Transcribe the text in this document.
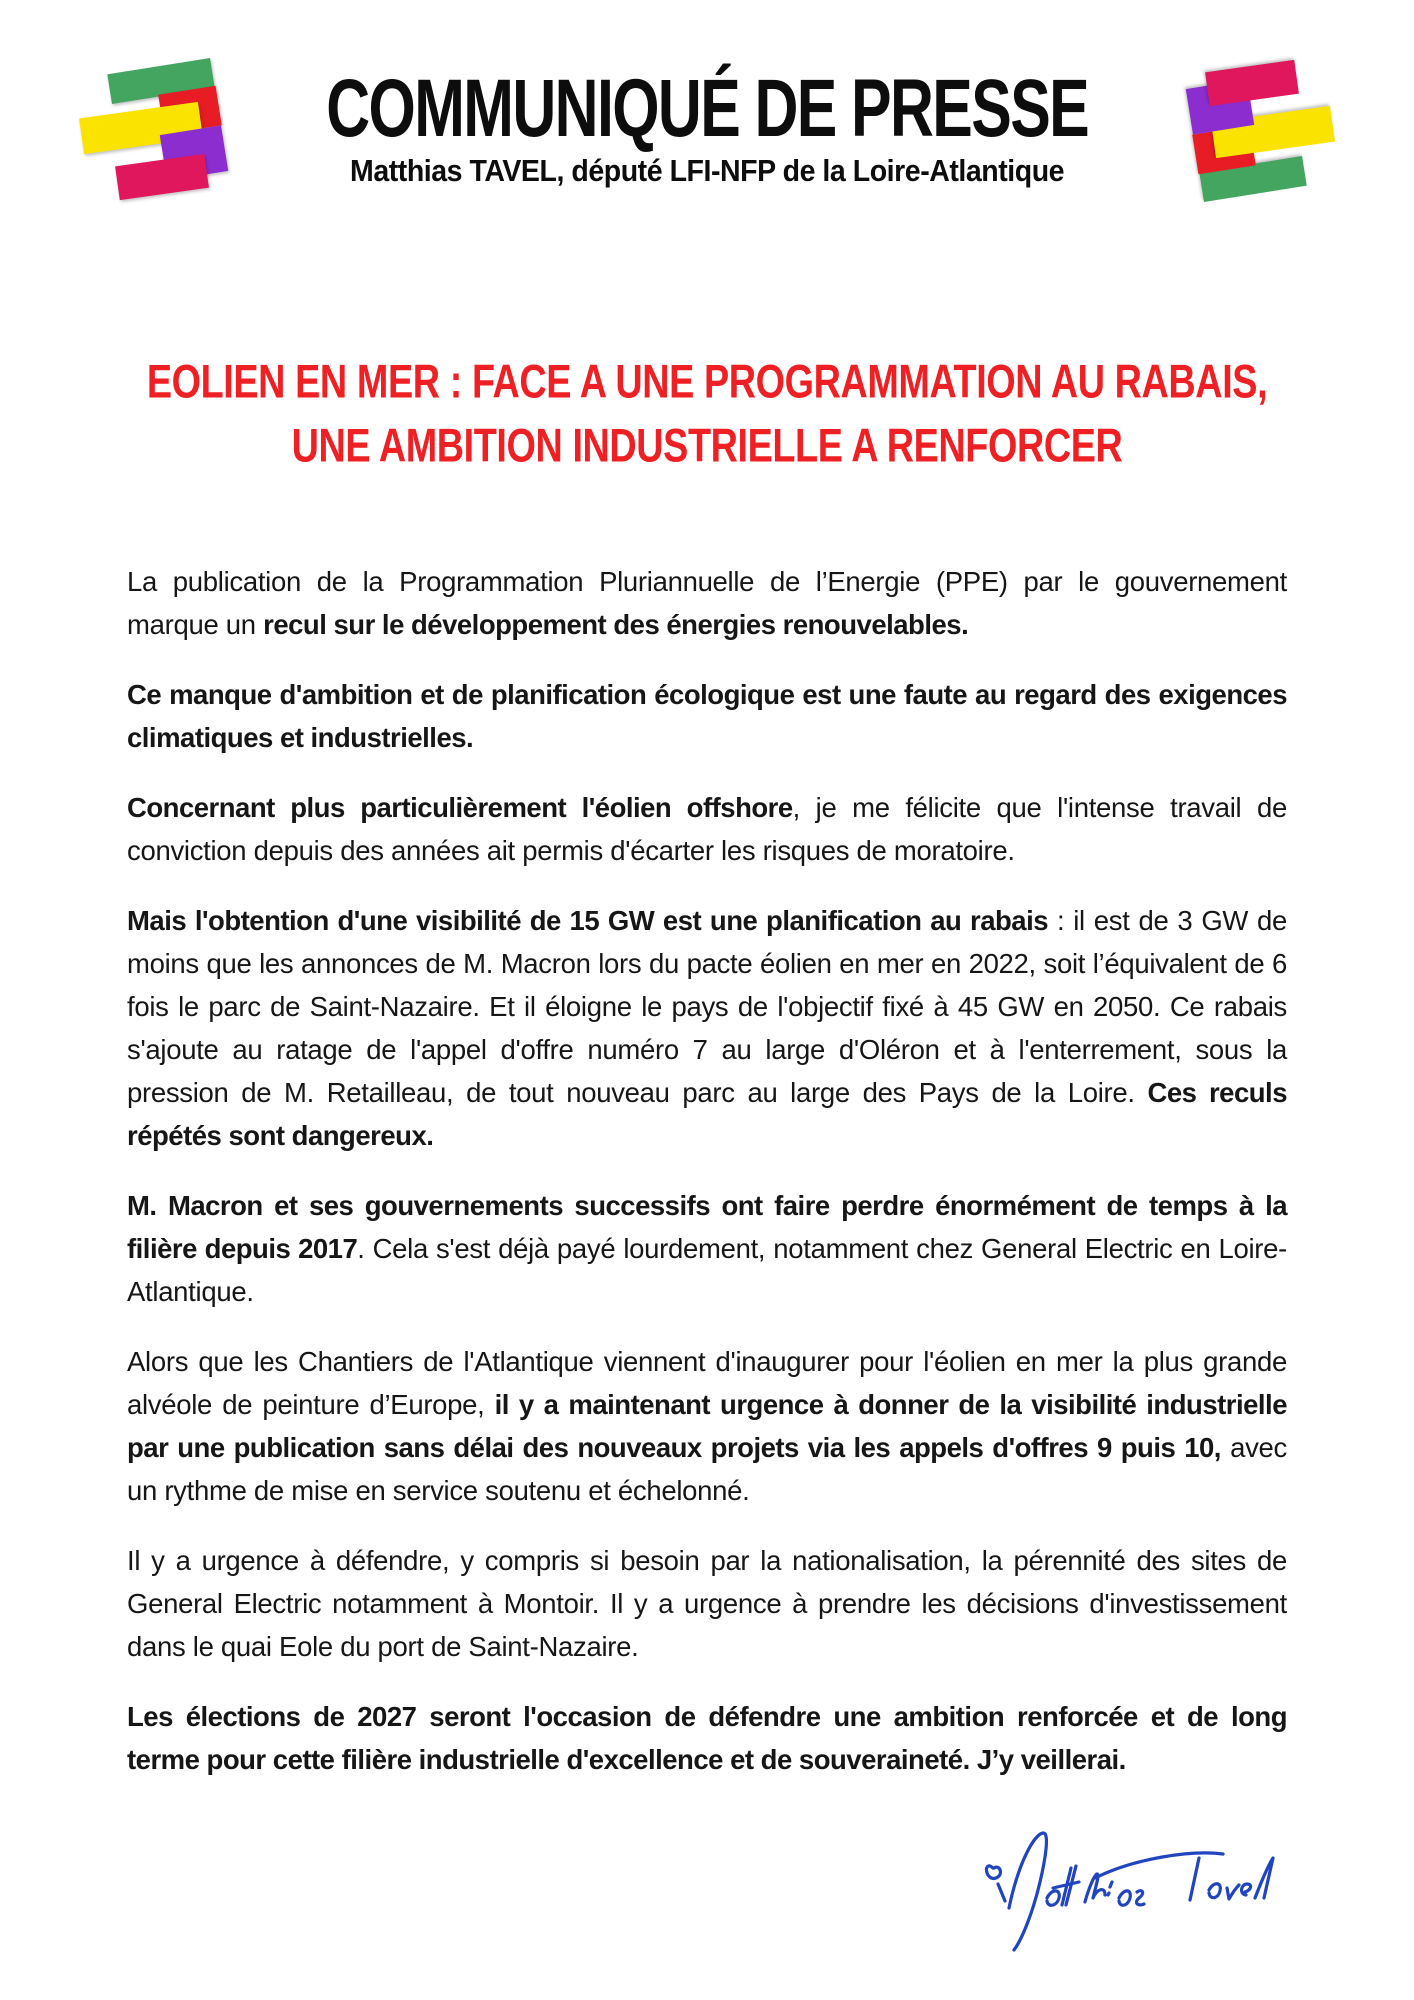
COMMUNIQUÉ DE PRESSE
Matthias TAVEL, député LFI-NFP de la Loire-Atlantique
EOLIEN EN MER : FACE A UNE PROGRAMMATION AU RABAIS,
UNE AMBITION INDUSTRIELLE A RENFORCER

La publication de la Programmation Pluriannuelle de l’Energie (PPE) par le gouvernement marque un recul sur le développement des énergies renouvelables.

Ce manque d'ambition et de planification écologique est une faute au regard des exigences climatiques et industrielles.

Concernant plus particulièrement l'éolien offshore, je me félicite que l'intense travail de conviction depuis des années ait permis d'écarter les risques de moratoire.

Mais l'obtention d'une visibilité de 15 GW est une planification au rabais : il est de 3 GW de moins que les annonces de M. Macron lors du pacte éolien en mer en 2022, soit l’équivalent de 6 fois le parc de Saint-Nazaire. Et il éloigne le pays de l'objectif fixé à 45 GW en 2050. Ce rabais s'ajoute au ratage de l'appel d'offre numéro 7 au large d'Oléron et à l'enterrement, sous la pression de M. Retailleau, de tout nouveau parc au large des Pays de la Loire. Ces reculs répétés sont dangereux.

M. Macron et ses gouvernements successifs ont faire perdre énormément de temps à la filière depuis 2017. Cela s'est déjà payé lourdement, notamment chez General Electric en Loire-Atlantique.

Alors que les Chantiers de l'Atlantique viennent d'inaugurer pour l'éolien en mer la plus grande alvéole de peinture d’Europe, il y a maintenant urgence à donner de la visibilité industrielle par une publication sans délai des nouveaux projets via les appels d'offres 9 puis 10, avec un rythme de mise en service soutenu et échelonné.

Il y a urgence à défendre, y compris si besoin par la nationalisation, la pérennité des sites de General Electric notamment à Montoir. Il y a urgence à prendre les décisions d'investissement dans le quai Eole du port de Saint-Nazaire.

Les élections de 2027 seront l'occasion de défendre une ambition renforcée et de long terme pour cette filière industrielle d'excellence et de souveraineté. J’y veillerai.
